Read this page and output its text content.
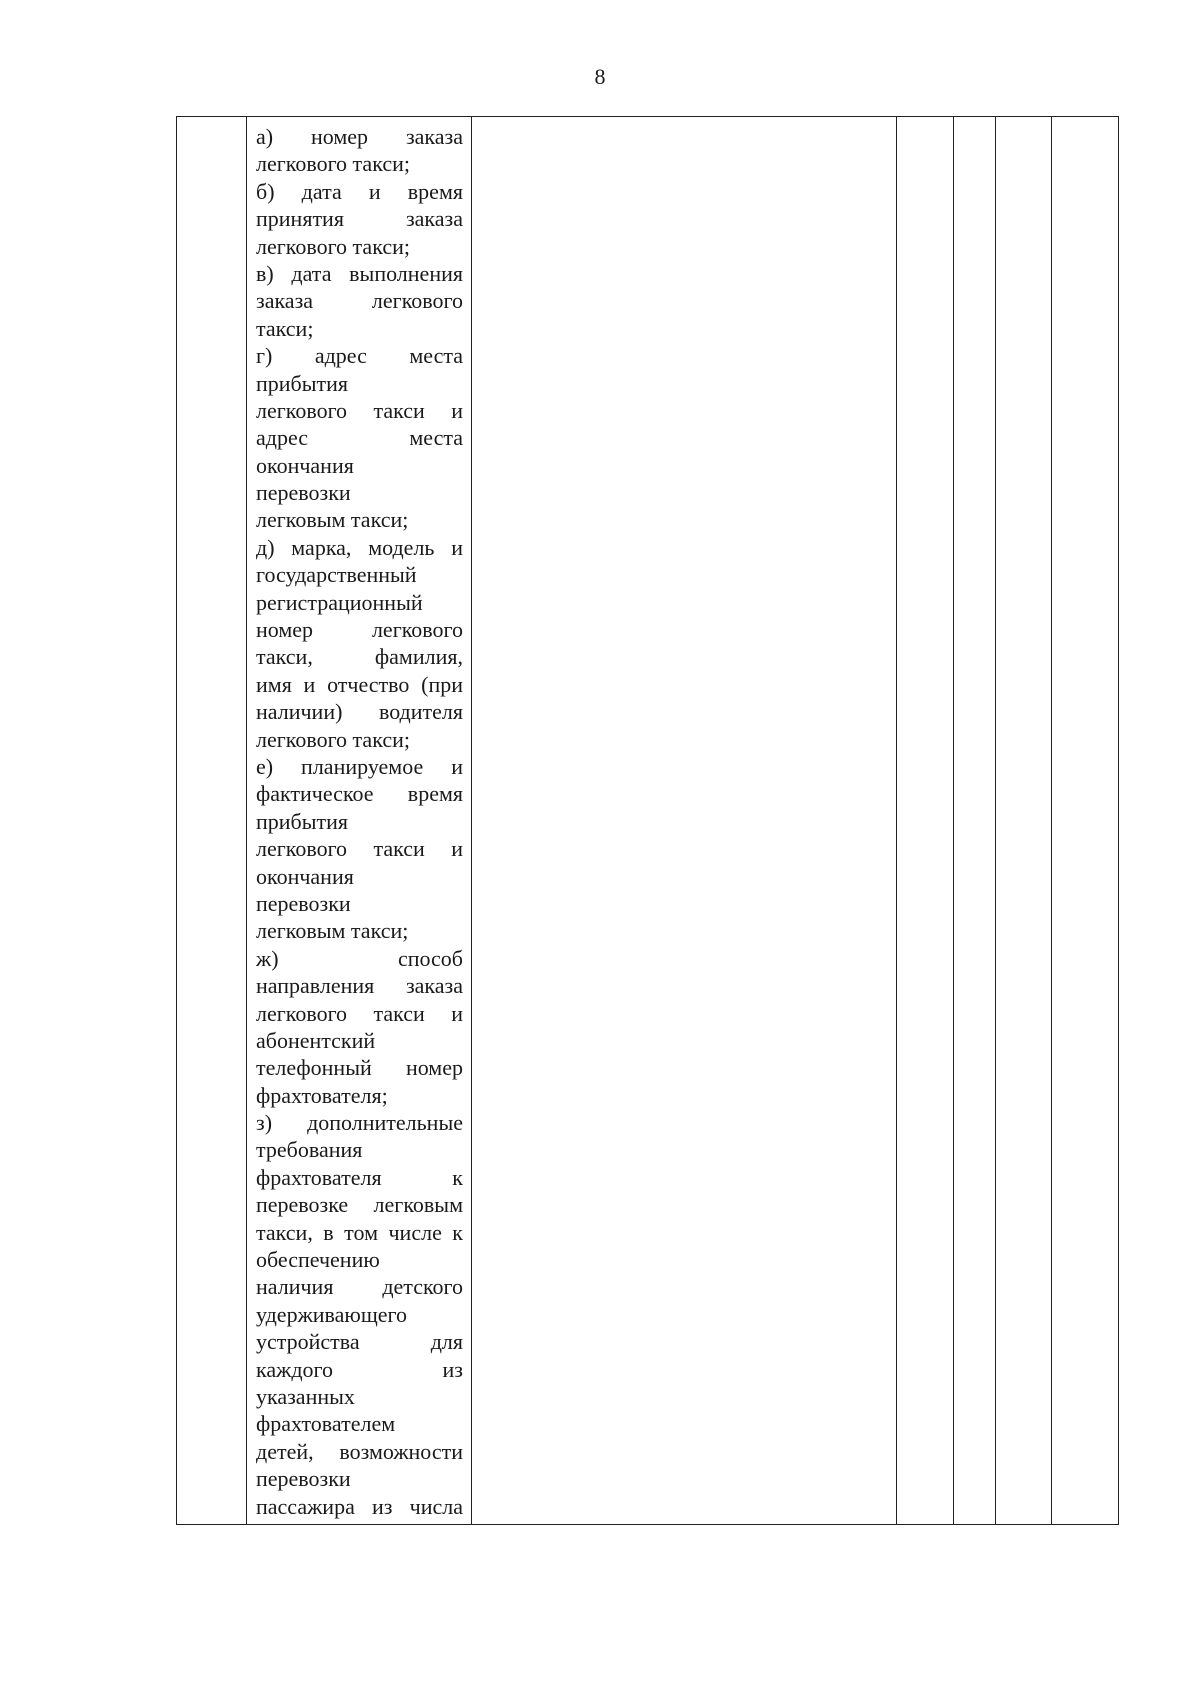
8

а) номер заказа
легкового такси;
б) дата и время
принятия заказа
легкового такси;
в) дата выполнения
заказа легкового
такси;
г) адрес места
прибытия
легкового такси и
адрес места
окончания
перевозки
легковым такси;
д) марка, модель и
государственный
регистрационный
номер легкового
такси, фамилия,
имя и отчество (при
наличии) водителя
легкового такси;
е) планируемое и
фактическое время
прибытия
легкового такси и
окончания
перевозки
легковым такси;
ж) способ
направления заказа
легкового такси и
абонентский
телефонный номер
фрахтователя;
з) дополнительные
требования
фрахтователя к
перевозке легковым
такси, в том числе к
обеспечению
наличия детского
удерживающего
устройства для
каждого из
указанных
фрахтователем
детей, возможности
перевозки
пассажира из числа
